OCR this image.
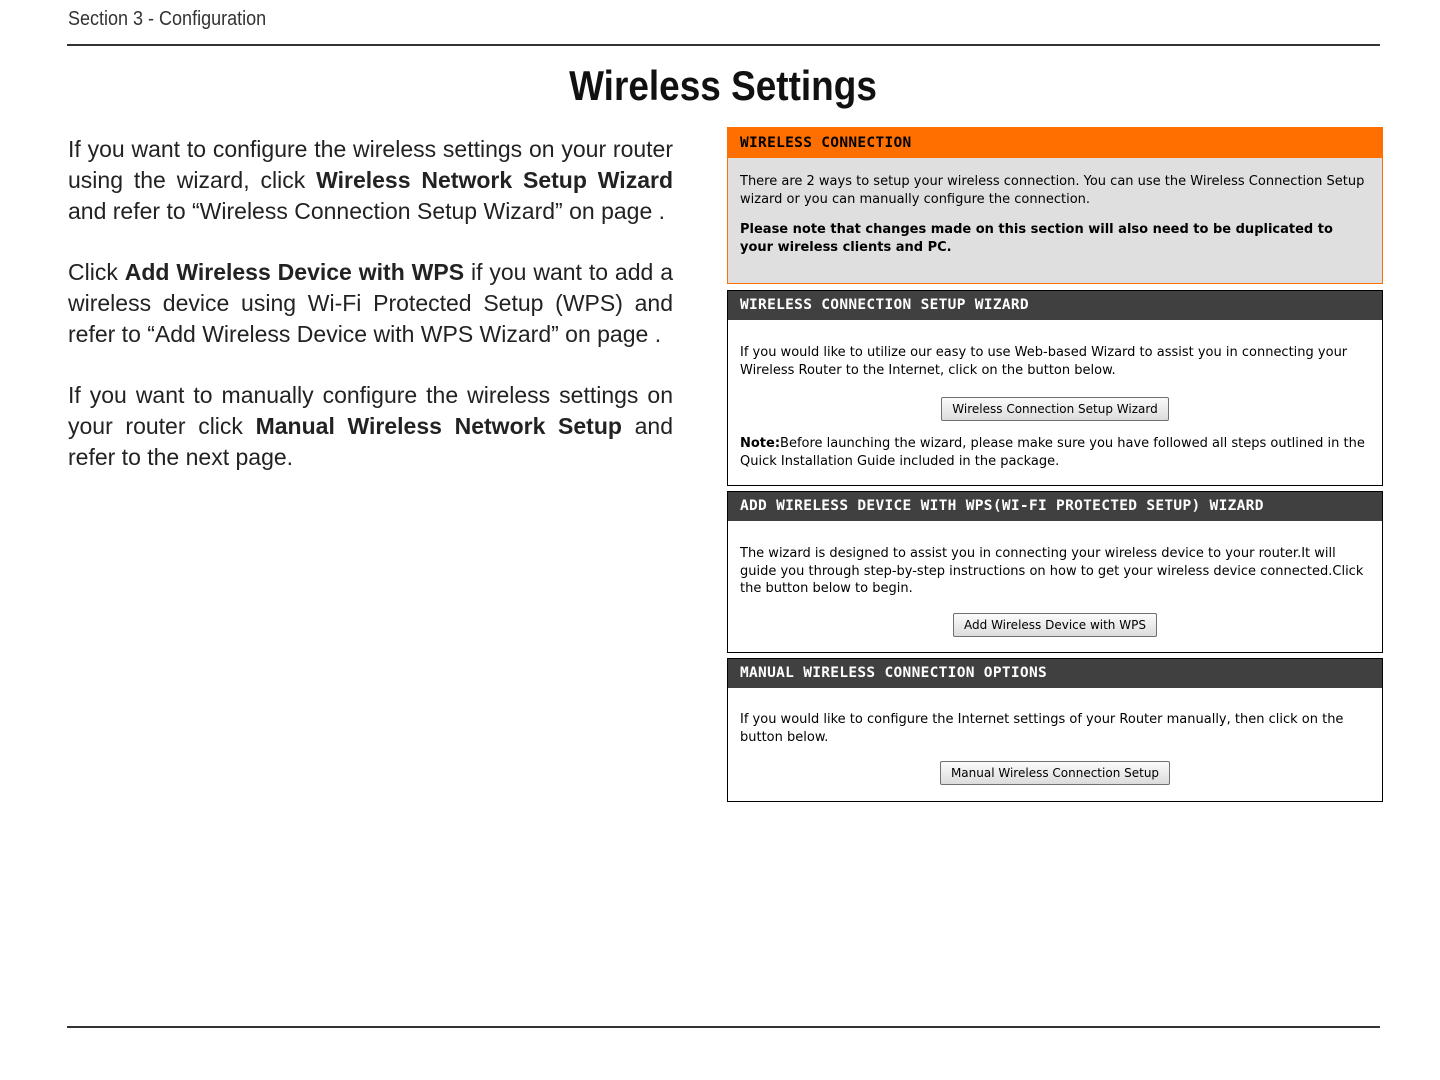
Section 3 - Configuration
Wireless Settings

If you want to configure the wireless settings on your router using the wizard, click Wireless Network Setup Wizard and refer to “Wireless Connection Setup Wizard” on page .

Click Add Wireless Device with WPS if you want to add a wireless device using Wi-Fi Protected Setup (WPS) and refer to “Add Wireless Device with WPS Wizard” on page .

If you want to manually configure the wireless settings on your router click Manual Wireless Network Setup and refer to the next page.

WIRELESS CONNECTION

There are 2 ways to setup your wireless connection. You can use the Wireless Connection Setup wizard or you can manually configure the connection.

Please note that changes made on this section will also need to be duplicated to your wireless clients and PC.

WIRELESS CONNECTION SETUP WIZARD

If you would like to utilize our easy to use Web-based Wizard to assist you in connecting your Wireless Router to the Internet, click on the button below.

Wireless Connection Setup Wizard

Note:Before launching the wizard, please make sure you have followed all steps outlined in the Quick Installation Guide included in the package.

ADD WIRELESS DEVICE WITH WPS(WI-FI PROTECTED SETUP) WIZARD

The wizard is designed to assist you in connecting your wireless device to your router.It will guide you through step-by-step instructions on how to get your wireless device connected.Click the button below to begin.

Add Wireless Device with WPS
MANUAL WIRELESS CONNECTION OPTIONS

If you would like to configure the Internet settings of your Router manually, then click on the button below.

Manual Wireless Connection Setup
